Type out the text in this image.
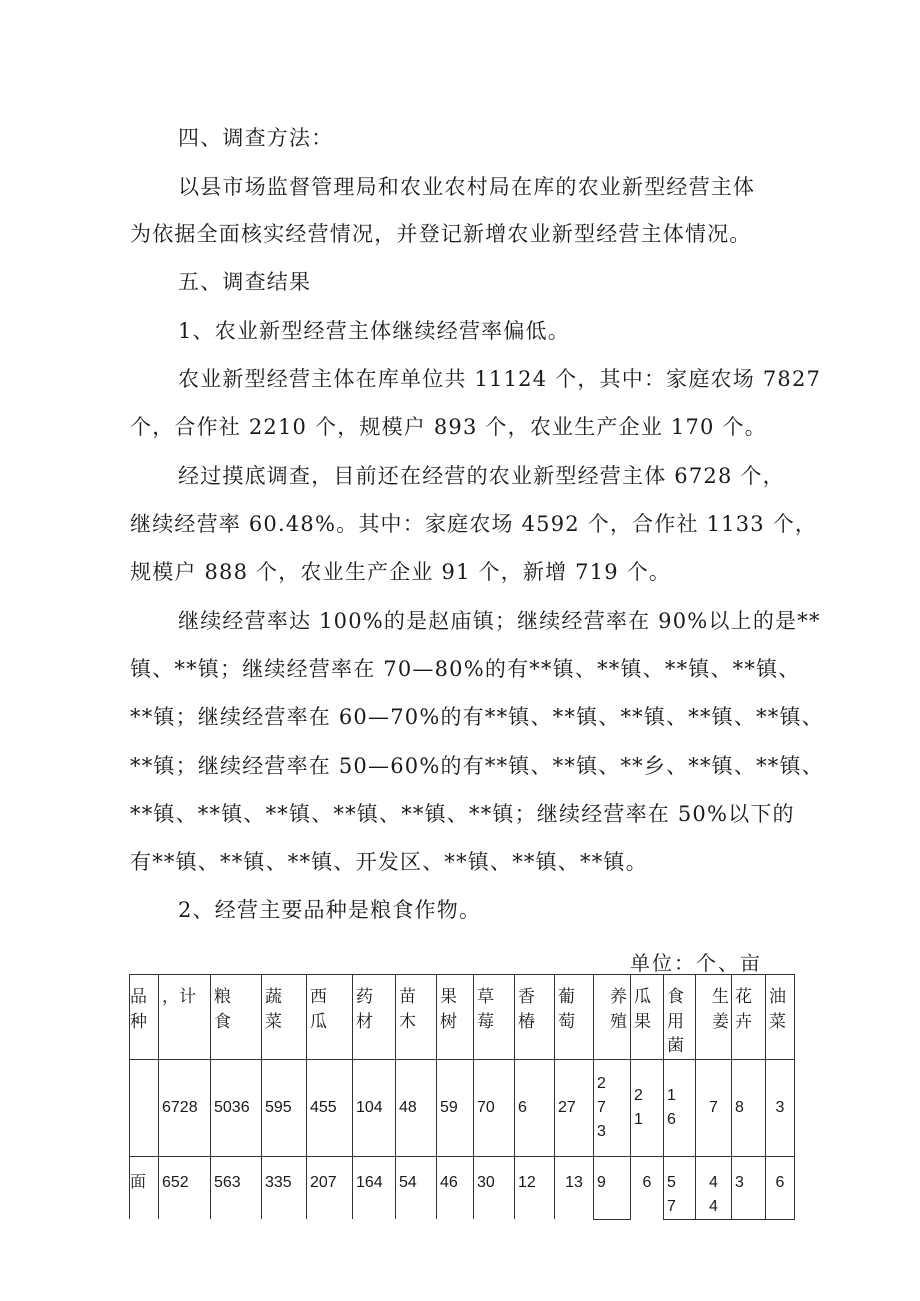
四、调查方法：
以县市场监督管理局和农业农村局在库的农业新型经营主体
为依据全面核实经营情况，并登记新增农业新型经营主体情况。
五、调查结果
1、农业新型经营主体继续经营率偏低。
农业新型经营主体在库单位共 11124 个，其中：家庭农场 7827
个，合作社 2210 个，规模户 893 个，农业生产企业 170 个。
经过摸底调查，目前还在经营的农业新型经营主体 6728 个，
继续经营率 60.48%。其中：家庭农场 4592 个，合作社 1133 个，
规模户 888 个，农业生产企业 91 个，新增 719 个。
继续经营率达 100%的是赵庙镇；继续经营率在 90%以上的是**
镇、**镇；继续经营率在 70—80%的有**镇、**镇、**镇、**镇、
**镇；继续经营率在 60—70%的有**镇、**镇、**镇、**镇、**镇、
**镇；继续经营率在 50—60%的有**镇、**镇、**乡、**镇、**镇、
**镇、**镇、**镇、**镇、**镇、**镇；继续经营率在 50%以下的
有**镇、**镇、**镇、开发区、**镇、**镇、**镇。
2、经营主要品种是粮食作物。
单位：个、亩
品种	，计	粮食	蔬菜	西瓜	药材	苗木	果树	草莓	香椿	葡萄	养殖	瓜果	食用菌	生姜	花卉	油菜

	6728	5036	595	455	104	48	59	70	6	27	273	21	16	7	8	3
面	652	563	335	207	164	54	46	30	12	13	9	6	57	44	3	6
